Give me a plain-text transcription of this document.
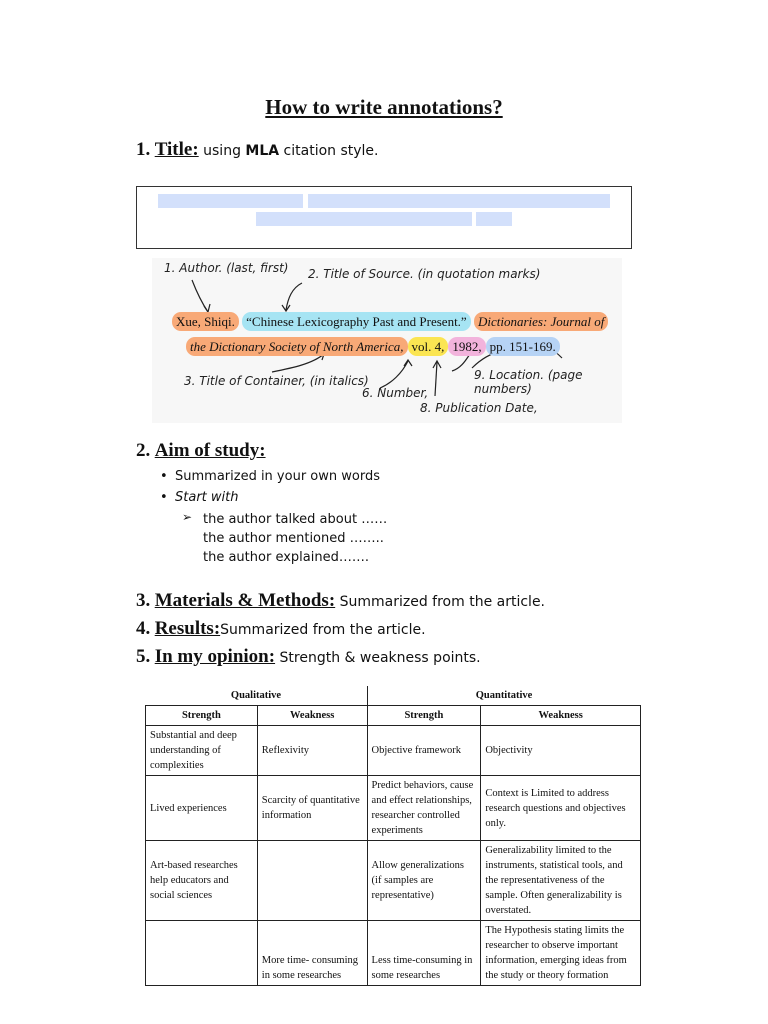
How to write annotations?
1. Title: using MLA citation style.
1. Author. (last, first) 2. Title of Source. (in quotation marks)
Xue, Shiqi. “Chinese Lexicography Past and Present.” Dictionaries: Journal of
the Dictionary Society of North America, vol. 4, 1982, pp. 151-169.
3. Title of Container, (in italics)
6. Number,
8. Publication Date,
9. Location. (page numbers)
2. Aim of study:
• Summarized in your own words
• Start with
➢ the author talked about ……
the author mentioned ……..
the author explained…….
3. Materials & Methods: Summarized from the article.
4. Results:Summarized from the article.
5. In my opinion: Strength & weakness points.
Qualitative		Quantitative	
Strength	Weakness	Strength	Weakness
Substantial and deep understanding of complexities	Reflexivity	Objective framework	Objectivity
Lived experiences	Scarcity of quantitative information	Predict behaviors, cause and effect relationships, researcher controlled experiments	Context is Limited to address research questions and objectives only.
Art-based researches help educators and social sciences		Allow generalizations (if samples are representative)	Generalizability limited to the instruments, statistical tools, and the representativeness of the sample. Often generalizability is overstated.
	More time- consuming in some researches	Less time-consuming in some researches	The Hypothesis stating limits the researcher to observe important information, emerging ideas from the study or theory formation
